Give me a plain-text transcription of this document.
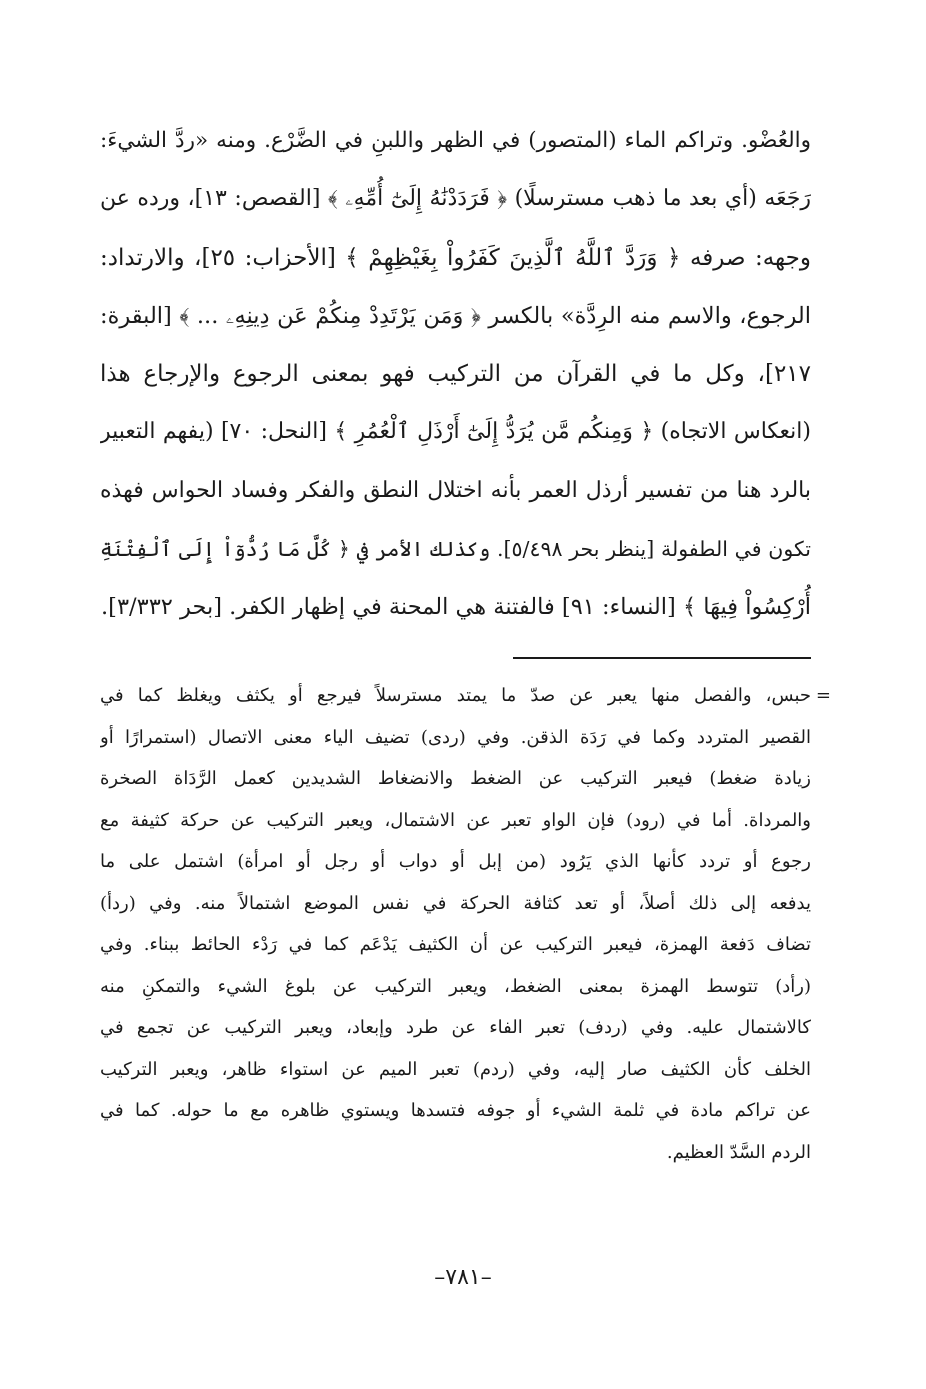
والعُضْو. وتراكم الماء (المتصور) في الظهر واللبنِ في الضَّرْع. ومنه «ردَّ الشيءَ:
رَجَعَه (أي بعد ما ذهب مسترسلًا) ﴿ فَرَدَدْنَٰهُ إِلَىٰٓ أُمِّهِۦ ﴾ [القصص: ١٣]، ورده عن
وجهه: صرفه ﴿ وَرَدَّ ٱللَّهُ ٱلَّذِينَ كَفَرُواْ بِغَيْظِهِمْ ﴾ [الأحزاب: ٢٥]، والارتداد:
الرجوع، والاسم منه الرِدَّة» بالكسر ﴿ وَمَن يَرْتَدِدْ مِنكُمْ عَن دِينِهِۦ ... ﴾ [البقرة:
٢١٧]، وكل ما في القرآن من التركيب فهو بمعنى الرجوع والإرجاع هذا
(انعكاس الاتجاه) ﴿ وَمِنكُم مَّن يُرَدُّ إِلَىٰٓ أَرْذَلِ ٱلْعُمُرِ ﴾ [النحل: ٧٠] (يفهم التعبير
بالرد هنا من تفسير أرذل العمر بأنه اختلال النطق والفكر وفساد الحواس فهذه
تكون في الطفولة [ينظر بحر ٥/٤٩٨]. وكذلك الأمر في ﴿ كُلَّ مَا رُدُّوٓاْ إِلَى ٱلْفِتْنَةِ
أُرْكِسُواْ فِيهَا ﴾ [النساء: ٩١] فالفتنة هي المحنة في إظهار الكفر. [بحر ٣/٣٣٢].
=
حبس، والفصل منها يعبر عن صدّ ما يمتد مسترسلاً فيرجع أو يكثف ويغلظ كما في
القصير المتردد وكما في رَدَة الذقن. وفي (ردى) تضيف الياء معنى الاتصال (استمرارًا أو
زيادة ضغط) فيعبر التركيب عن الضغط والانضغاط الشديدين كعمل الرَّدَاة الصخرة
والمرداة. أما في (رود) فإن الواو تعبر عن الاشتمال، ويعبر التركيب عن حركة كثيفة مع
رجوع أو تردد كأنها الذي يَرُود (من إبل أو دواب أو رجل أو امرأة) اشتمل على ما
يدفعه إلى ذلك أصلاً، أو تعد كثافة الحركة في نفس الموضع اشتمالاً منه. وفي (ردأ)
تضاف دَفعة الهمزة، فيعبر التركيب عن أن الكثيف يَدْعَم كما في رَدْء الحائط ببناء. وفي
(رأد) تتوسط الهمزة بمعنى الضغط، ويعبر التركيب عن بلوغ الشيء والتمكنِ منه
كالاشتمال عليه. وفي (ردف) تعبر الفاء عن طرد وإبعاد، ويعبر التركيب عن تجمع في
الخلف كأن الكثيف صار إليه، وفي (ردم) تعبر الميم عن استواء ظاهر، ويعبر التركيب
عن تراكم مادة في ثلمة الشيء أو جوفه فتسدها ويستوي ظاهره مع ما حوله. كما في
الردم السَّدّ العظيم.
–٧٨١–
